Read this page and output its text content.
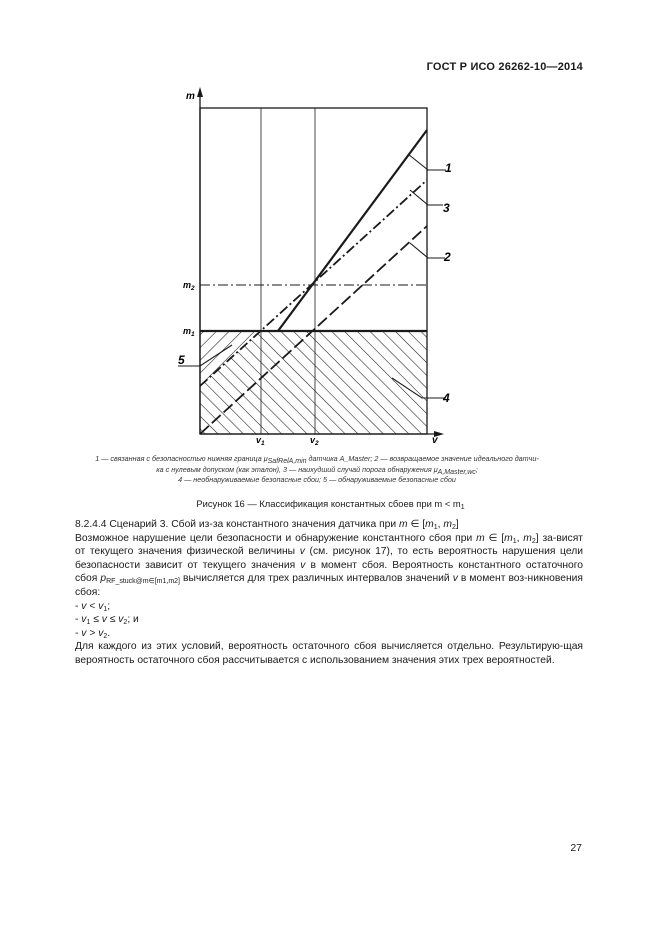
ГОСТ Р ИСО 26262-10—2014
1
3
2
4
5
m
v
$m_2$
$m_1$
$v_1$	$v_2$
1 — связанная с безопасностью нижняя граница $\mu_{SafRelA,min}$ датчика A_Master; 2 — возвращаемое значение идеального датчи-
ка с нулевым допуском (как эталон), 3 — наихудший случай порога обнаружения $\mu_{A,Master,wc}$;
4 — необнаруживаемые безопасные сбои; 5 — обнаруживаемые безопасные сбои
Рисунок 16 — Классификация константных сбоев при $m < m_1$

8.2.4.4 Сценарий 3. Сбой из-за константного значения датчика при m ∈ [$m_1$, $m_2$]

Возможное нарушение цели безопасности и обнаружение константного сбоя при m ∈ [$m_1$, $m_2$] за-висят от текущего значения физической величины v (см. рисунок 17), то есть вероятность нарушения цели безопасности зависит от текущего значения v в момент сбоя. Вероятность константного остаточного сбоя $p_{RF\_stuck@m\in[m1,m2]}$ вычисляется для трех различных интервалов значений v в момент воз-никновения сбоя:

- $v < v_1$;

- $v_1 \le v \le v_2$; и

- $v > v_2$.

Для каждого из этих условий, вероятность остаточного сбоя вычисляется отдельно. Результирую-щая вероятность остаточного сбоя рассчитывается с использованием значения этих трех вероятностей.

27
